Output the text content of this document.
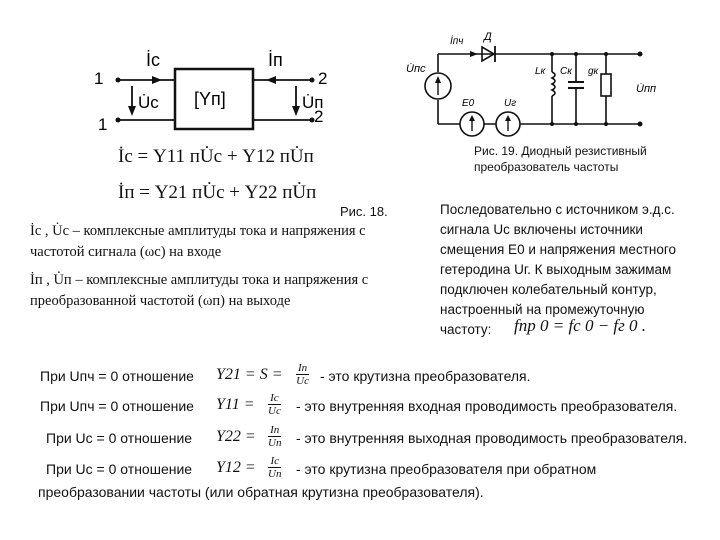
1
1
2
2
İс	İп
U̇с	U̇п
[Yп]
İс = Y11 пU̇с + Y12 пU̇п
İп = Y21 пU̇с + Y22 пU̇п
Рис. 18.
İс , U̇с – комплексные амплитуды тока и напряжения с
частотой сигнала (ωс) на входе
İп , U̇п – комплексные амплитуды тока и напряжения с
преобразованной частотой (ωп) на выходе
İпч Д
U̇пс	Lк Cк gк
U̇пп
E0	Uг
Рис. 19. Диодный резистивный
преобразователь частоты
Последовательно с источником э.д.с.
сигнала Uс включены источники
смещения E0 и напряжения местного
гетеродина Uг. К выходным зажимам
подключен колебательный контур,
настроенный на промежуточную
частоту: fпр 0 = fс 0 − fг 0 .
При Uпч = 0 отношение Y21 = S = Iп
Uс - это крутизна преобразователя.
При Uпч = 0 отношение Y11 = Iс
Uс - это внутренняя входная проводимость преобразователя.
При Uс = 0 отношение Y22 = Iп
Uп - это внутренняя выходная проводимость преобразователя.
При Uс = 0 отношение Y12 = Iс
Uп - это крутизна преобразователя при обратном
преобразовании частоты (или обратная крутизна преобразователя).
